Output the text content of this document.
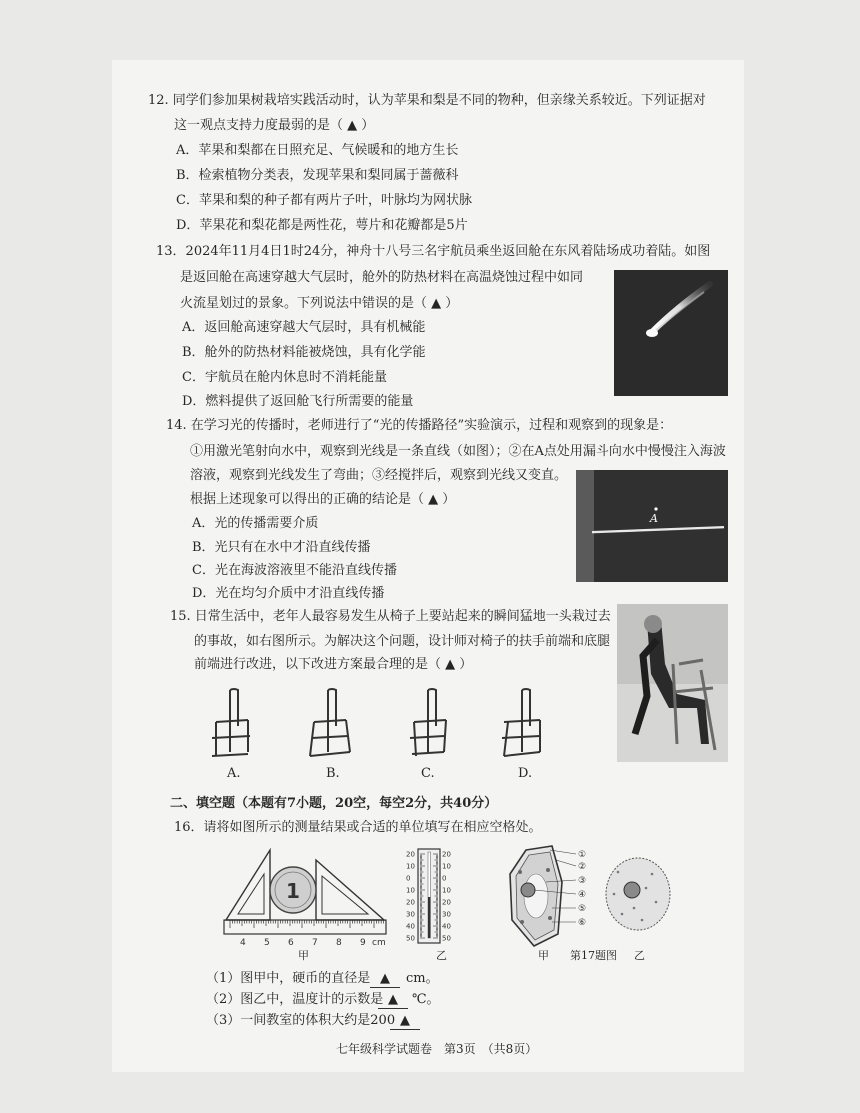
12. 同学们参加果树栽培实践活动时，认为苹果和梨是不同的物种，但亲缘关系较近。下列证据对
这一观点支持力度最弱的是（ ▲ ）
A．苹果和梨都在日照充足、气候暖和的地方生长
B．检索植物分类表，发现苹果和梨同属于蔷薇科
C．苹果和梨的种子都有两片子叶，叶脉均为网状脉
D．苹果花和梨花都是两性花，萼片和花瓣都是5片
13．2024年11月4日1时24分，神舟十八号三名宇航员乘坐返回舱在东风着陆场成功着陆。如图
是返回舱在高速穿越大气层时，舱外的防热材料在高温烧蚀过程中如同
火流星划过的景象。下列说法中错误的是（ ▲ ）
A．返回舱高速穿越大气层时，具有机械能
B．舱外的防热材料能被烧蚀，具有化学能
C．宇航员在舱内休息时不消耗能量
D．燃料提供了返回舱飞行所需要的能量
14. 在学习光的传播时，老师进行了“光的传播路径”实验演示，过程和观察到的现象是：
①用激光笔射向水中，观察到光线是一条直线（如图）；②在A点处用漏斗向水中慢慢注入海波
溶液，观察到光线发生了弯曲；③经搅拌后，观察到光线又变直。
根据上述现象可以得出的正确的结论是（ ▲ ）
A．光的传播需要介质
B．光只有在水中才沿直线传播
C．光在海波溶液里不能沿直线传播
D．光在均匀介质中才沿直线传播
A
15. 日常生活中，老年人最容易发生从椅子上要站起来的瞬间猛地一头栽过去
的事故，如右图所示。为解决这个问题，设计师对椅子的扶手前端和底腿
前端进行改进，以下改进方案最合理的是（ ▲ ）
A.	B.	C.	D.
二、填空题（本题有7小题，20空，每空2分，共40分）
16．请将如图所示的测量结果或合适的单位填写在相应空格处。
1
4 5 6 7 8 9 cm
甲
20	20
10	10
0	0
10	10
20	20
30	30
40	40
50	50
乙
①
②
③
④
⑤
⑥
甲 第17题图 乙
（1）图甲中，硬币的直径是 ▲	cm。
（2）图乙中，温度计的示数是 ▲	℃。
（3）一间教室的体积大约是200 ▲
七年级科学试题卷　第3页　（共8页）
